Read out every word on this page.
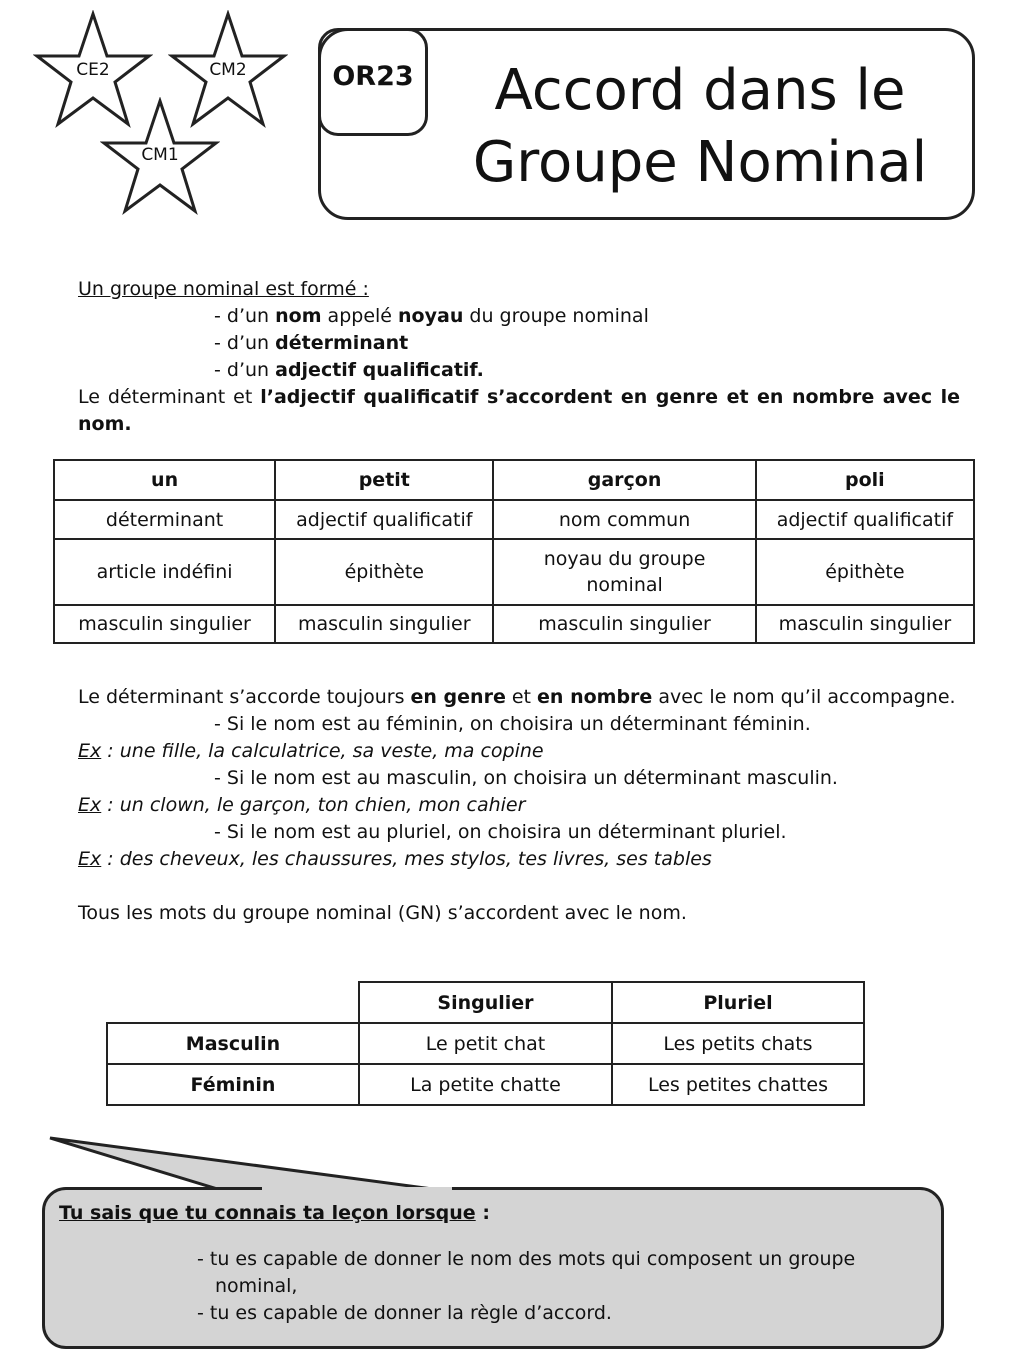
CE2	CM2
CM1
OR23	Accord dans le
Groupe Nominal
Un groupe nominal est formé :
- d’un nom appelé noyau du groupe nominal
- d’un déterminant
- d’un adjectif qualificatif.
Le déterminant et l’adjectif qualificatif s’accordent en genre et en nombre avec le nom.
un	petit	garçon	poli
déterminant	adjectif qualificatif	nom commun	adjectif qualificatif
article indéfini	épithète	noyau du groupe nominal	épithète
masculin singulier	masculin singulier	masculin singulier	masculin singulier
Le déterminant s’accorde toujours en genre et en nombre avec le nom qu’il accompagne.
- Si le nom est au féminin, on choisira un déterminant féminin.
Ex : une fille, la calculatrice, sa veste, ma copine
- Si le nom est au masculin, on choisira un déterminant masculin.
Ex : un clown, le garçon, ton chien, mon cahier
- Si le nom est au pluriel, on choisira un déterminant pluriel.
Ex : des cheveux, les chaussures, mes stylos, tes livres, ses tables
Tous les mots du groupe nominal (GN) s’accordent avec le nom.
	Singulier	Pluriel
Masculin	Le petit chat	Les petits chats
Féminin	La petite chatte	Les petites chattes
Tu sais que tu connais ta leçon lorsque :
- tu es capable de donner le nom des mots qui composent un groupe
nominal,
- tu es capable de donner la règle d’accord.
